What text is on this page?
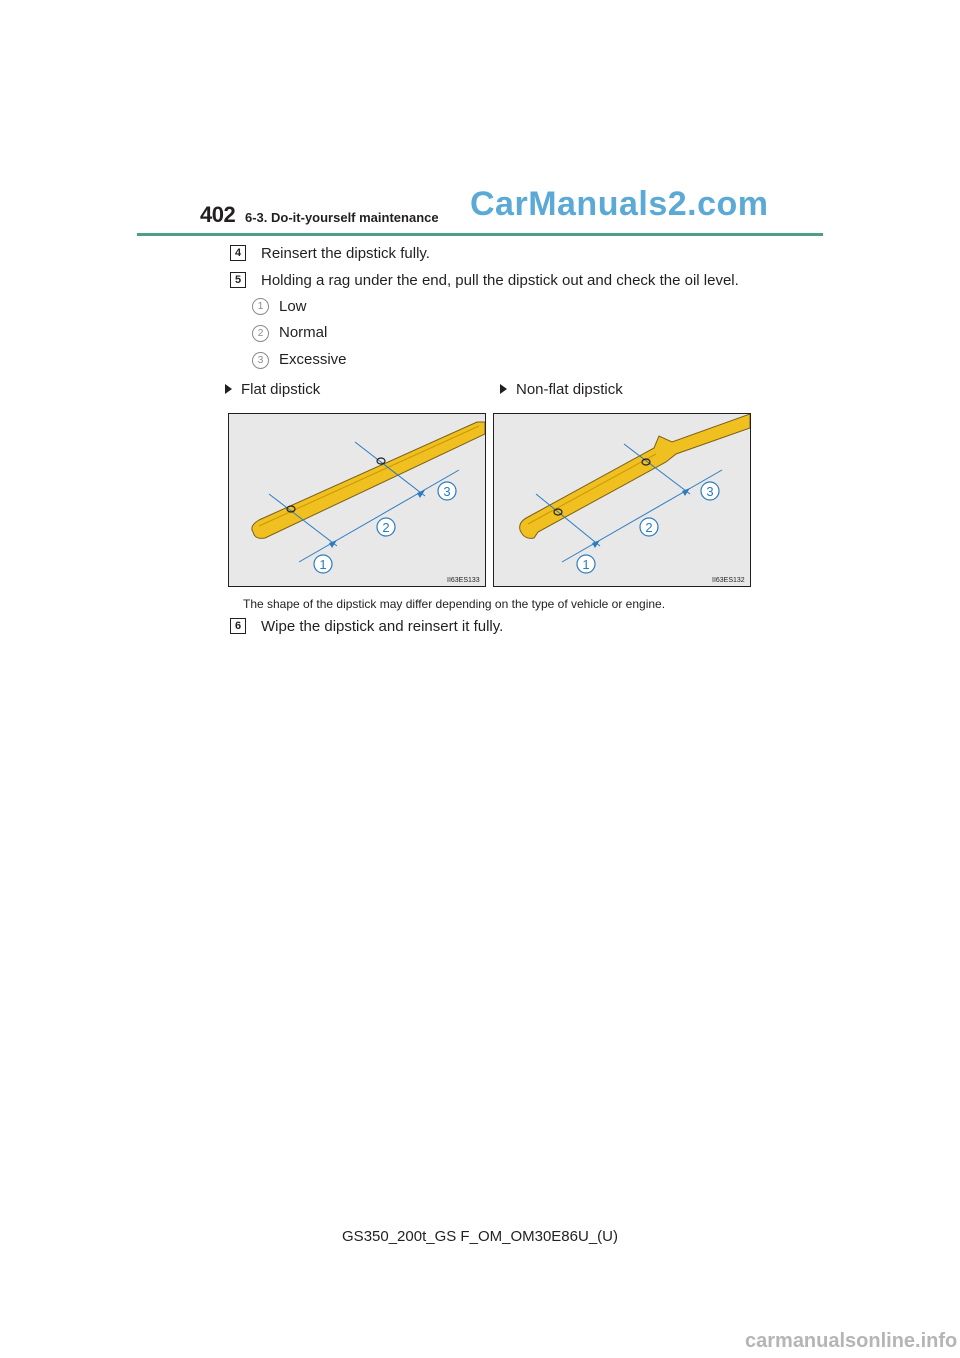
402 6-3. Do-it-yourself maintenance CarManuals2.com
4	Reinsert the dipstick fully.
5	Holding a rag under the end, pull the dipstick out and check the oil level.
1	Low
2	Normal
3	Excessive
Flat dipstick	Non-flat dipstick
1
2
3
II63ES133
1
2
3
II63ES132
The shape of the dipstick may differ depending on the type of vehicle or engine.
6	Wipe the dipstick and reinsert it fully.
GS350_200t_GS F_OM_OM30E86U_(U)
carmanualsonline.info
